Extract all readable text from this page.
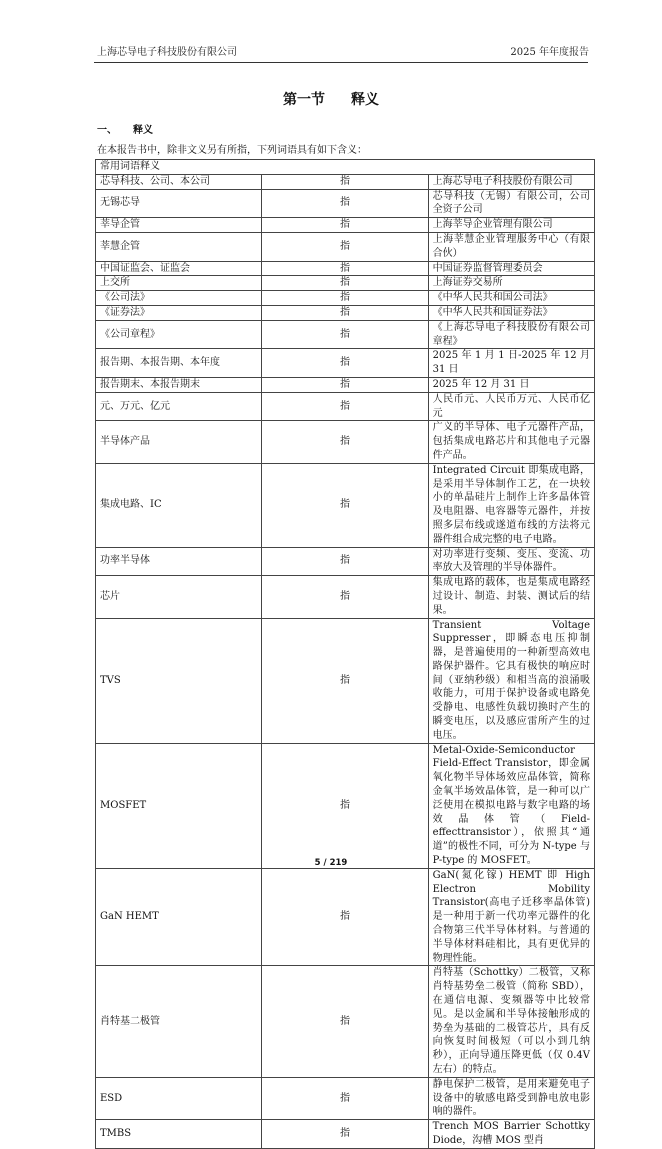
上海芯导电子科技股份有限公司	2025 年年度报告
第一节 释义
一、 释义
在本报告书中，除非文义另有所指，下列词语具有如下含义：
常用词语释义		
芯导科技、公司、本公司	指	上海芯导电子科技股份有限公司
无锡芯导	指	芯导科技（无锡）有限公司，公司全资子公司
莘导企管	指	上海莘导企业管理有限公司
莘慧企管	指	上海莘慧企业管理服务中心（有限合伙）
中国证监会、证监会	指	中国证券监督管理委员会
上交所	指	上海证券交易所
《公司法》	指	《中华人民共和国公司法》
《证券法》	指	《中华人民共和国证券法》
《公司章程》	指	《上海芯导电子科技股份有限公司章程》
报告期、本报告期、本年度	指	2025 年 1 月 1 日-2025 年 12 月 31 日
报告期末、本报告期末	指	2025 年 12 月 31 日
元、万元、亿元	指	人民币元、人民币万元、人民币亿元
半导体产品	指	广义的半导体、电子元器件产品，包括集成电路芯片和其他电子元器件产品。
集成电路、IC	指	Integrated Circuit 即集成电路，是采用半导体制作工艺，在一块较小的单晶硅片上制作上许多晶体管及电阻器、电容器等元器件，并按照多层布线或遂道布线的方法将元器件组合成完整的电子电路。
功率半导体	指	对功率进行变频、变压、变流、功率放大及管理的半导体器件。
芯片	指	集成电路的载体，也是集成电路经过设计、制造、封装、测试后的结果。
TVS	指	Transient Voltage Suppresser，即瞬态电压抑制器，是普遍使用的一种新型高效电路保护器件。它具有极快的响应时间（亚纳秒级）和相当高的浪涌吸收能力，可用于保护设备或电路免受静电、电感性负载切换时产生的瞬变电压，以及感应雷所产生的过电压。
MOSFET	指	Metal-Oxide-Semiconductor Field-Effect Transistor，即金属氧化物半导体场效应晶体管，简称金氧半场效晶体管，是一种可以广泛使用在模拟电路与数字电路的场效晶体管（Field-effecttransistor），依照其“通道”的极性不同，可分为 N-type 与 P-type 的 MOSFET。
GaN HEMT	指	GaN(氮化镓) HEMT 即 High Electron Mobility Transistor(高电子迁移率晶体管) 是一种用于新一代功率元器件的化合物第三代半导体材料。与普通的半导体材料硅相比，具有更优异的物理性能。
肖特基二极管	指	肖特基（Schottky）二极管，又称肖特基势垒二极管（简称 SBD），在通信电源、变频器等中比较常见。是以金属和半导体接触形成的势垒为基础的二极管芯片，具有反向恢复时间极短（可以小到几纳秒），正向导通压降更低（仅 0.4V 左右）的特点。
ESD	指	静电保护二极管，是用来避免电子设备中的敏感电路受到静电放电影响的器件。
TMBS	指	Trench MOS Barrier Schottky Diode，沟槽 MOS 型肖
5 / 219
